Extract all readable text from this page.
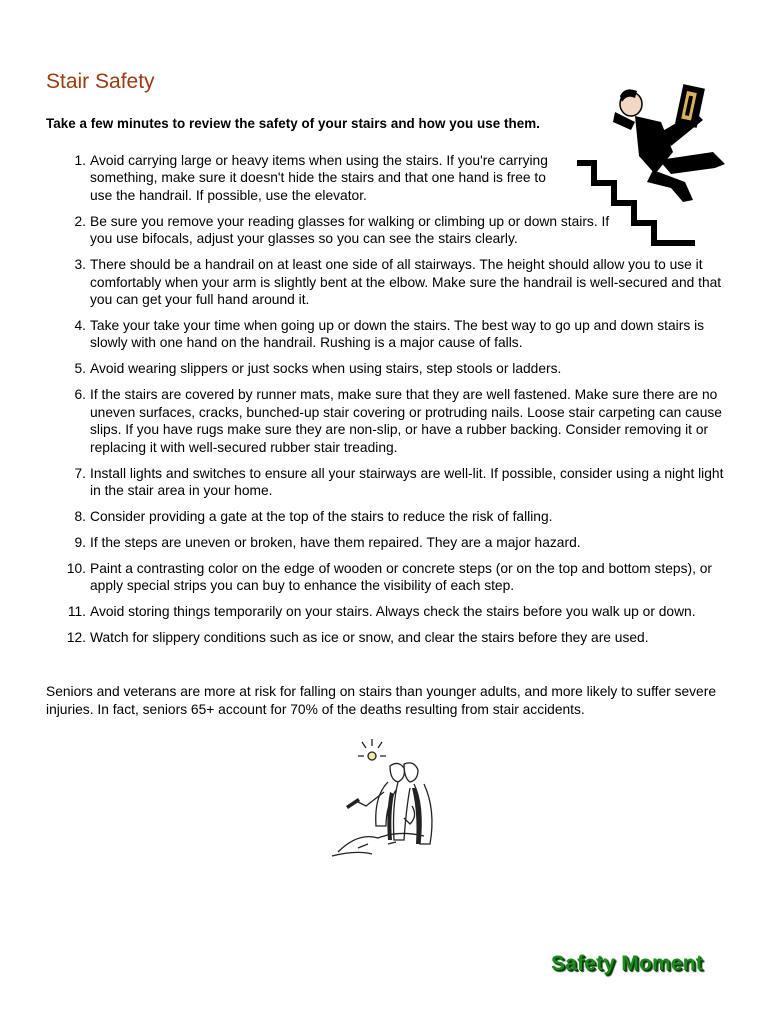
Stair Safety

Take a few minutes to review the safety of your stairs and how you use them.

1. Avoid carrying large or heavy items when using the stairs. If you're carrying something, make sure it doesn't hide the stairs and that one hand is free to use the handrail. If possible, use the elevator.
2. Be sure you remove your reading glasses for walking or climbing up or down stairs. If you use bifocals, adjust your glasses so you can see the stairs clearly.
3. There should be a handrail on at least one side of all stairways. The height should allow you to use it comfortably when your arm is slightly bent at the elbow. Make sure the handrail is well-secured and that you can get your full hand around it.
4. Take your take your time when going up or down the stairs. The best way to go up and down stairs is slowly with one hand on the handrail. Rushing is a major cause of falls.
5. Avoid wearing slippers or just socks when using stairs, step stools or ladders.
6. If the stairs are covered by runner mats, make sure that they are well fastened. Make sure there are no uneven surfaces, cracks, bunched-up stair covering or protruding nails. Loose stair carpeting can cause slips. If you have rugs make sure they are non-slip, or have a rubber backing. Consider removing it or replacing it with well-secured rubber stair treading.
7. Install lights and switches to ensure all your stairways are well-lit. If possible, consider using a night light in the stair area in your home.
8. Consider providing a gate at the top of the stairs to reduce the risk of falling.
9. If the steps are uneven or broken, have them repaired. They are a major hazard.
10. Paint a contrasting color on the edge of wooden or concrete steps (or on the top and bottom steps), or apply special strips you can buy to enhance the visibility of each step.
11. Avoid storing things temporarily on your stairs. Always check the stairs before you walk up or down.
12. Watch for slippery conditions such as ice or snow, and clear the stairs before they are used.

Seniors and veterans are more at risk for falling on stairs than younger adults, and more likely to suffer severe injuries. In fact, seniors 65+ account for 70% of the deaths resulting from stair accidents.

Safety Moment
